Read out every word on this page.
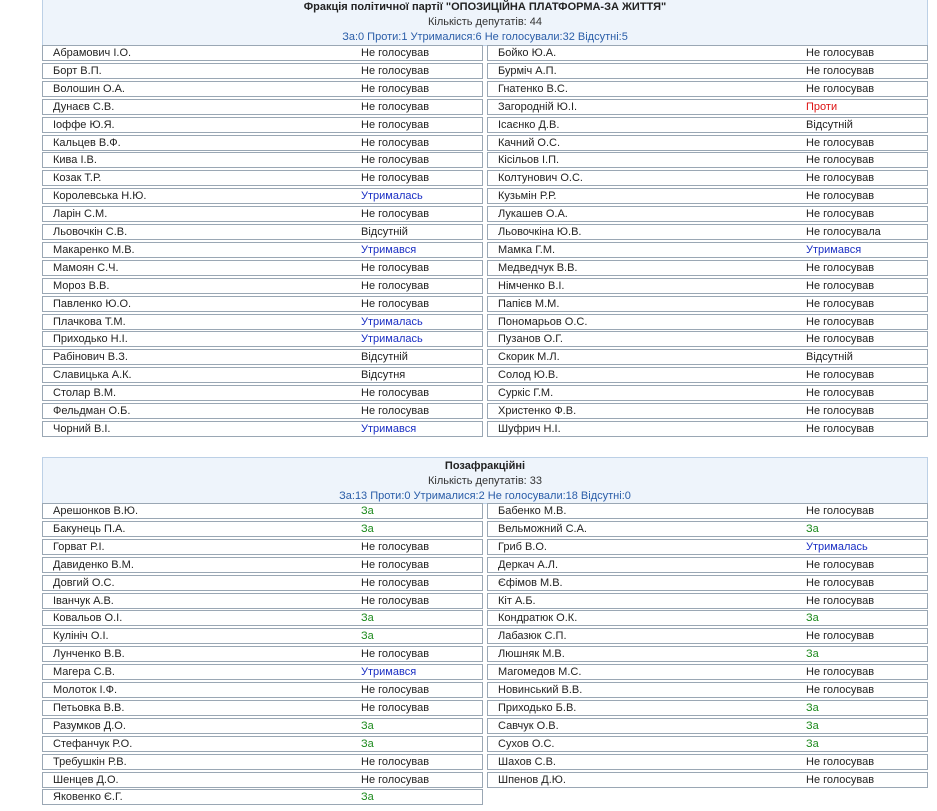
Фракція політичної партії "ОПОЗИЦІЙНА ПЛАТФОРМА-ЗА ЖИТТЯ"
Кількість депутатів: 44
За:0 Проти:1 Утрималися:6 Не голосували:32 Відсутні:5
Абрамович І.О.	Не голосував
Борт В.П.	Не голосував
Волошин О.А.	Не голосував
Дунаєв С.В.	Не голосував
Іоффе Ю.Я.	Не голосував
Кальцев В.Ф.	Не голосував
Кива І.В.	Не голосував
Козак Т.Р.	Не голосував
Королевська Н.Ю.	Утрималась
Ларін С.М.	Не голосував
Льовочкін С.В.	Відсутній
Макаренко М.В.	Утримався
Мамоян С.Ч.	Не голосував
Мороз В.В.	Не голосував
Павленко Ю.О.	Не голосував
Плачкова Т.М.	Утрималась
Приходько Н.І.	Утрималась
Рабінович В.З.	Відсутній
Славицька А.К.	Відсутня
Столар В.М.	Не голосував
Фельдман О.Б.	Не голосував
Чорний В.І.	Утримався
Бойко Ю.А.	Не голосував
Бурміч А.П.	Не голосував
Гнатенко В.С.	Не голосував
Загородній Ю.І.	Проти
Ісаєнко Д.В.	Відсутній
Качний О.С.	Не голосував
Кісільов І.П.	Не голосував
Колтунович О.С.	Не голосував
Кузьмін Р.Р.	Не голосував
Лукашев О.А.	Не голосував
Льовочкіна Ю.В.	Не голосувала
Мамка Г.М.	Утримався
Медведчук В.В.	Не голосував
Німченко В.І.	Не голосував
Папієв М.М.	Не голосував
Пономарьов О.С.	Не голосував
Пузанов О.Г.	Не голосував
Скорик М.Л.	Відсутній
Солод Ю.В.	Не голосував
Суркіс Г.М.	Не голосував
Христенко Ф.В.	Не голосував
Шуфрич Н.І.	Не голосував
Позафракційні
Кількість депутатів: 33
За:13 Проти:0 Утрималися:2 Не голосували:18 Відсутні:0
Арешонков В.Ю.	За
Бакунець П.А.	За
Горват Р.І.	Не голосував
Давиденко В.М.	Не голосував
Довгий О.С.	Не голосував
Іванчук А.В.	Не голосував
Ковальов О.І.	За
Кулініч О.І.	За
Лунченко В.В.	Не голосував
Магера С.В.	Утримався
Молоток І.Ф.	Не голосував
Петьовка В.В.	Не голосував
Разумков Д.О.	За
Стефанчук Р.О.	За
Требушкін Р.В.	Не голосував
Шенцев Д.О.	Не голосував
Яковенко Є.Г.	За
Бабенко М.В.	Не голосував
Вельможний С.А.	За
Гриб В.О.	Утрималась
Деркач А.Л.	Не голосував
Єфімов М.В.	Не голосував
Кіт А.Б.	Не голосував
Кондратюк О.К.	За
Лабазюк С.П.	Не голосував
Люшняк М.В.	За
Магомедов М.С.	Не голосував
Новинський В.В.	Не голосував
Приходько Б.В.	За
Савчук О.В.	За
Сухов О.С.	За
Шахов С.В.	Не голосував
Шпенов Д.Ю.	Не голосував
